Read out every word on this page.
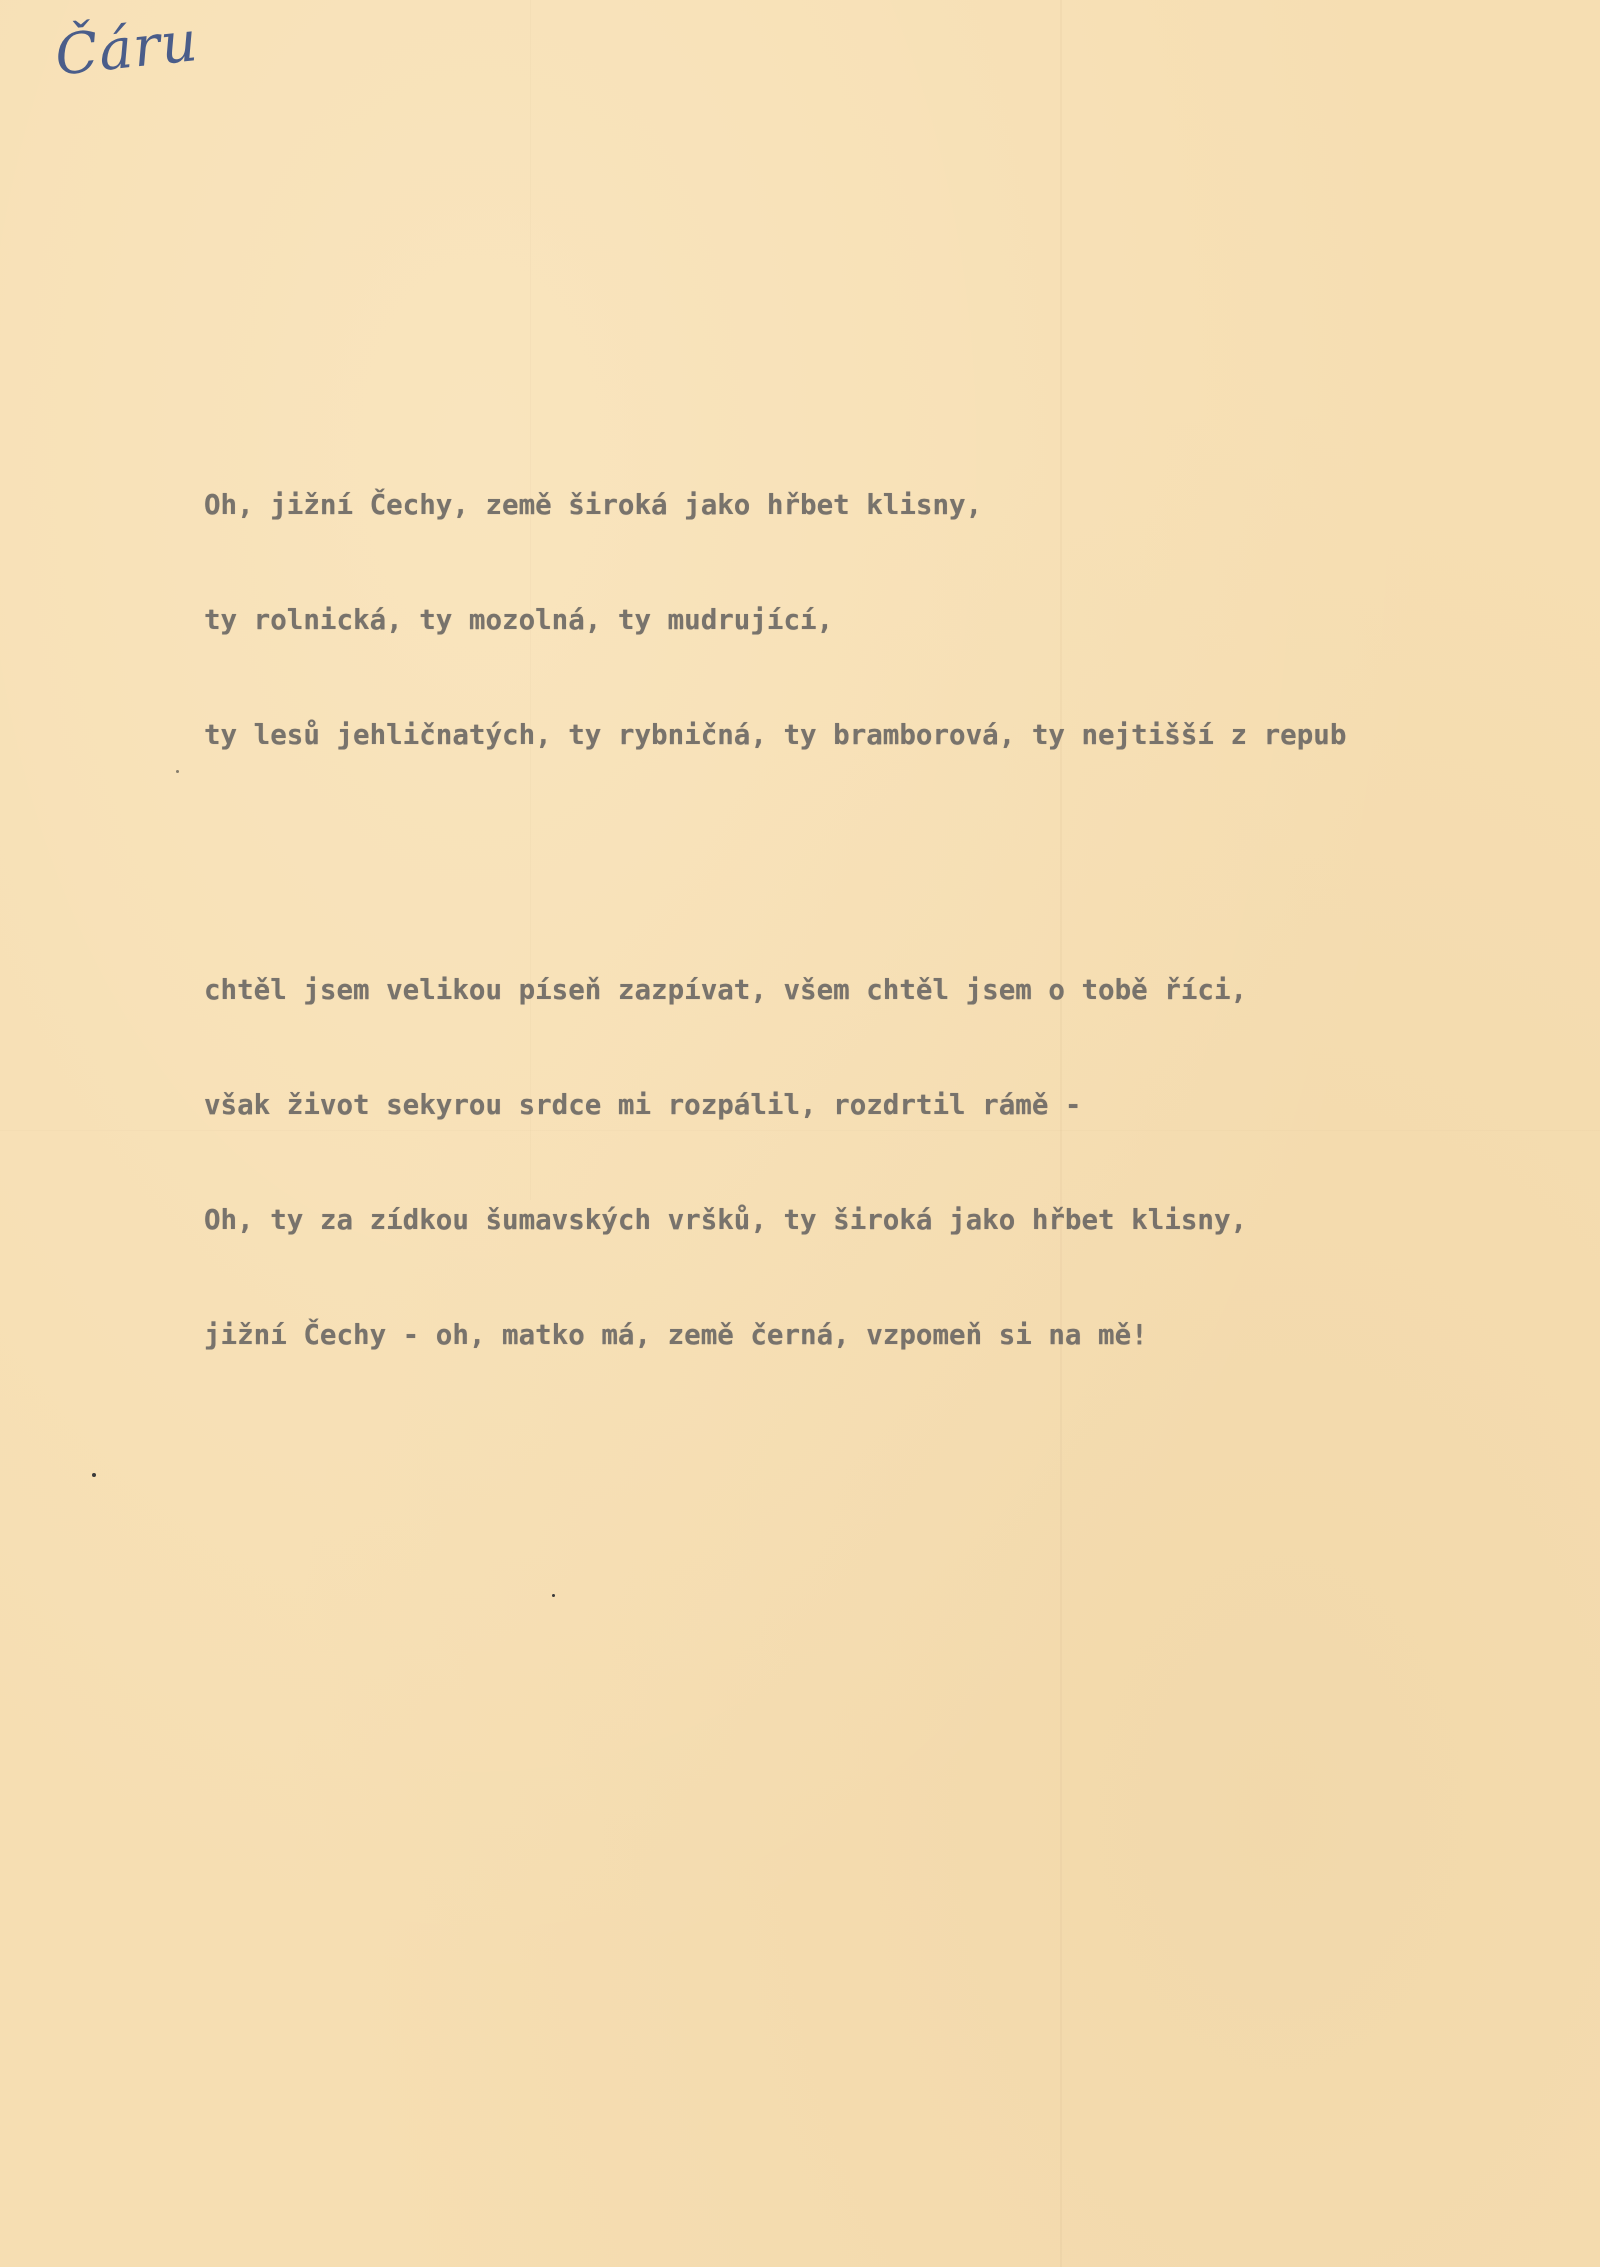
Čáru

Oh, jižní Čechy, země široká jako hřbet klisny,

ty rolnická, ty mozolná, ty mudrující,

ty lesů jehličnatých, ty rybničná, ty bramborová, ty nejtišší z repub

chtěl jsem velikou píseň zazpívat, všem chtěl jsem o tobě říci,

však život sekyrou srdce mi rozpálil, rozdrtil rámě -

Oh, ty za zídkou šumavských vršků, ty široká jako hřbet klisny,

jižní Čechy - oh, matko má, země černá, vzpomeň si na mě!
